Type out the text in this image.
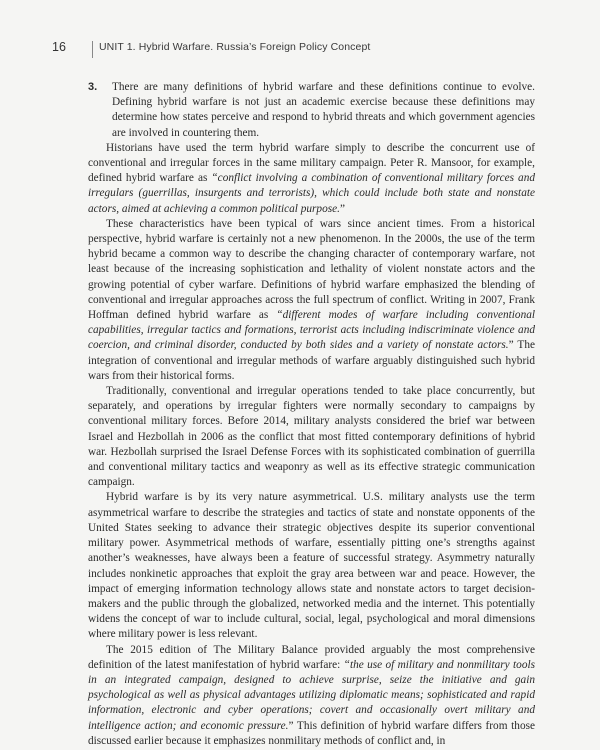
16	UNIT 1. Hybrid Warfare. Russia’s Foreign Policy Concept

3. There are many definitions of hybrid warfare and these definitions continue to evolve. Defining hybrid warfare is not just an academic exercise because these definitions may determine how states perceive and respond to hybrid threats and which government agencies are involved in countering them.

Historians have used the term hybrid warfare simply to describe the concurrent use of conventional and irregular forces in the same military campaign. Peter R. Mansoor, for example, defined hybrid warfare as “conflict involving a combination of conventional military forces and irregulars (guerrillas, insurgents and terrorists), which could include both state and nonstate actors, aimed at achieving a common political purpose.”

These characteristics have been typical of wars since ancient times. From a historical perspective, hybrid warfare is certainly not a new phenomenon. In the 2000s, the use of the term hybrid became a common way to describe the changing character of contemporary warfare, not least because of the increasing sophistication and lethality of violent nonstate actors and the growing potential of cyber warfare. Definitions of hybrid warfare emphasized the blending of conventional and irregular approaches across the full spectrum of conflict. Writing in 2007, Frank Hoffman defined hybrid warfare as “different modes of warfare including conventional capabilities, irregular tactics and formations, terrorist acts including indiscriminate violence and coercion, and criminal disorder, conducted by both sides and a variety of nonstate actors.” The integration of conventional and irregular methods of warfare arguably distinguished such hybrid wars from their historical forms.

Traditionally, conventional and irregular operations tended to take place concurrently, but separately, and operations by irregular fighters were normally secondary to campaigns by conventional military forces. Before 2014, military analysts considered the brief war between Israel and Hezbollah in 2006 as the conflict that most fitted contemporary definitions of hybrid war. Hezbollah surprised the Israel Defense Forces with its sophisticated combination of guerrilla and conventional military tactics and weaponry as well as its effective strategic communication campaign.

Hybrid warfare is by its very nature asymmetrical. U.S. military analysts use the term asymmetrical warfare to describe the strategies and tactics of state and nonstate opponents of the United States seeking to advance their strategic objectives despite its superior conventional military power. Asymmetrical methods of warfare, essentially pitting one’s strengths against another’s weaknesses, have always been a feature of successful strategy. Asymmetry naturally includes nonkinetic approaches that exploit the gray area between war and peace. However, the impact of emerging information technology allows state and nonstate actors to target decision-makers and the public through the globalized, networked media and the internet. This potentially widens the concept of war to include cultural, social, legal, psychological and moral dimensions where military power is less relevant.

The 2015 edition of The Military Balance provided arguably the most comprehensive definition of the latest manifestation of hybrid warfare: “the use of military and nonmilitary tools in an integrated campaign, designed to achieve surprise, seize the initiative and gain psychological as well as physical advantages utilizing diplomatic means; sophisticated and rapid information, electronic and cyber operations; covert and occasionally overt military and intelligence action; and economic pressure.” This definition of hybrid warfare differs from those discussed earlier because it emphasizes nonmilitary methods of conflict and, in
